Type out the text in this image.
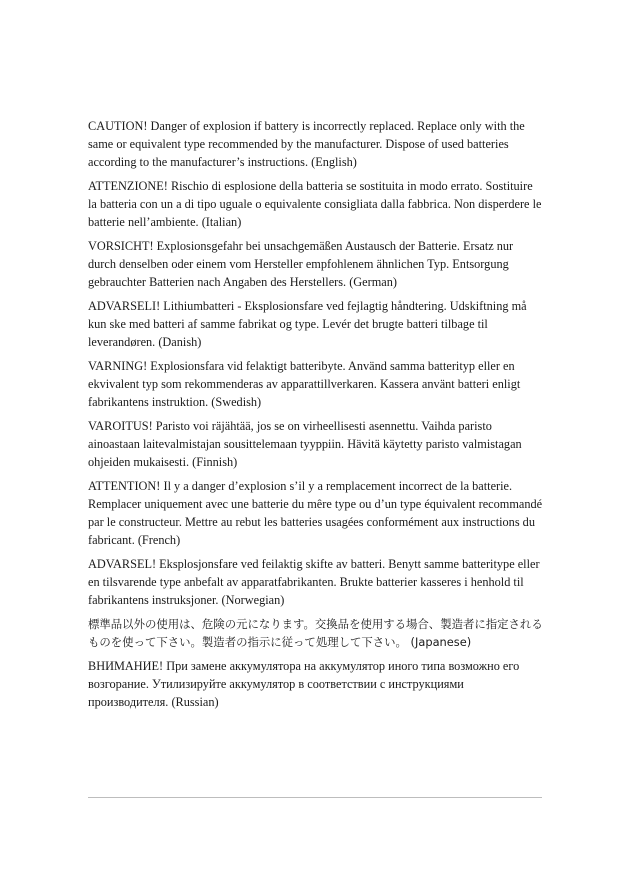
CAUTION! Danger of explosion if battery is incorrectly replaced. Replace only with the same or equivalent type recommended by the manufacturer. Dispose of used batteries according to the manufacturer’s instructions. (English)

ATTENZIONE! Rischio di esplosione della batteria se sostituita in modo errato. Sostituire la batteria con un a di tipo uguale o equivalente consigliata dalla fabbrica. Non disperdere le batterie nell’ambiente. (Italian)

VORSICHT! Explosionsgefahr bei unsachgemäßen Austausch der Batterie. Ersatz nur durch denselben oder einem vom Hersteller empfohlenem ähnlichen Typ. Entsorgung gebrauchter Batterien nach Angaben des Herstellers. (German)

ADVARSELI! Lithiumbatteri - Eksplosionsfare ved fejlagtig håndtering. Udskiftning må kun ske med batteri af samme fabrikat og type. Levér det brugte batteri tilbage til leverandøren. (Danish)

VARNING! Explosionsfara vid felaktigt batteribyte. Använd samma batterityp eller en ekvivalent typ som rekommenderas av apparattillverkaren. Kassera använt batteri enligt fabrikantens instruktion. (Swedish)

VAROITUS! Paristo voi räjähtää, jos se on virheellisesti asennettu. Vaihda paristo ainoastaan laitevalmistajan sousittelemaan tyyppiin. Hävitä käytetty paristo valmistagan ohjeiden mukaisesti. (Finnish)

ATTENTION! Il y a danger d’explosion s’il y a remplacement incorrect de la batterie. Remplacer uniquement avec une batterie du mêre type ou d’un type équivalent recommandé par le constructeur. Mettre au rebut les batteries usagées conformément aux instructions du fabricant. (French)

ADVARSEL! Eksplosjonsfare ved feilaktig skifte av batteri. Benytt samme batteritype eller en tilsvarende type anbefalt av apparatfabrikanten. Brukte batterier kasseres i henhold til fabrikantens instruksjoner. (Norwegian)

標準品以外の使用は、危険の元になります。交換品を使用する場合、製造者に指定されるものを使って下さい。製造者の指示に従って処理して下さい。 (Japanese)

ВНИМАНИЕ! При замене аккумулятора на аккумулятор иного типа возможно его возгорание. Утилизируйте аккумулятор в соответствии с инструкциями производителя. (Russian)
